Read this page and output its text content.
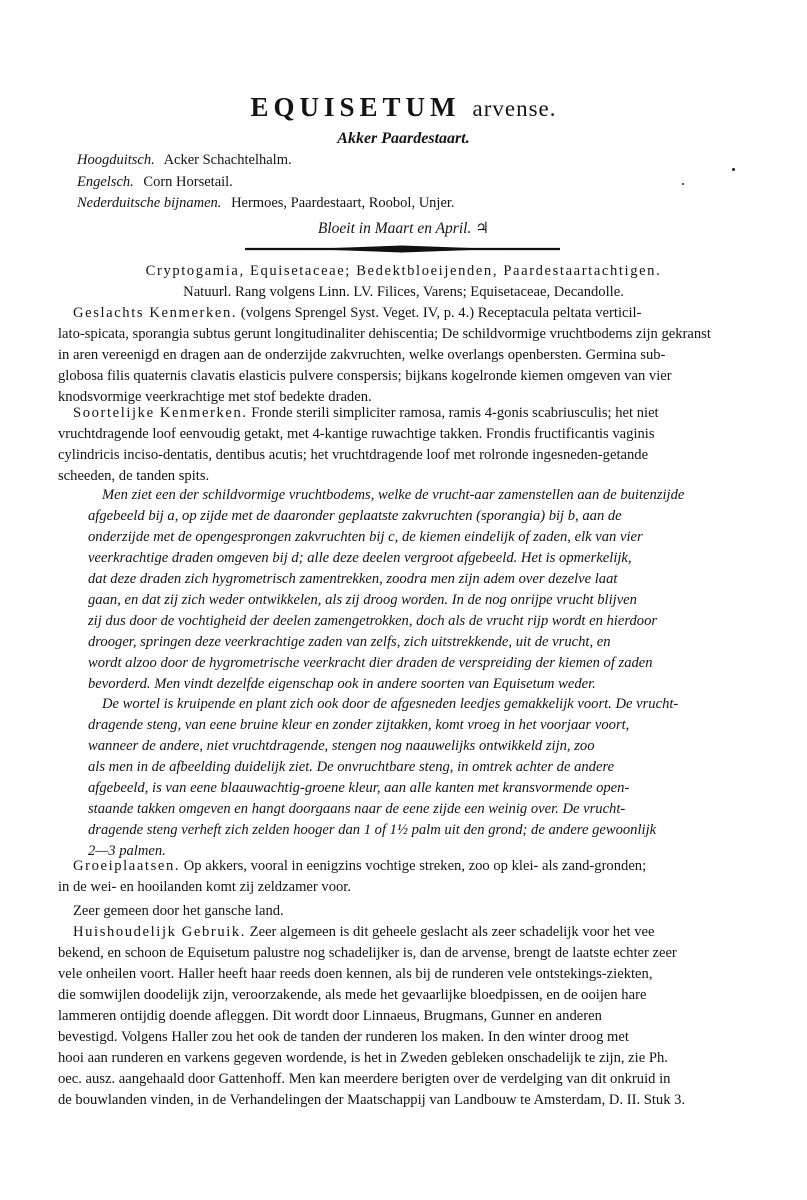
EQUISETUM arvense.
Akker Paardestaart.
Hoogduitsch. Acker Schachtelhalm.
Engelsch. Corn Horsetail.
Nederduitsche bijnamen. Hermoes, Paardestaart, Roobol, Unjer.
Bloeit in Maart en April. ♃
Cryptogamia, Equisetaceae; Bedektbloeijenden, Paardestaartachtigen.
Natuurl. Rang volgens Linn. LV. Filices, Varens; Equisetaceae, Decandolle.
Geslachts Kenmerken. (volgens Sprengel Syst. Veget. IV, p. 4.) Receptacula peltata verticil-
lato-spicata, sporangia subtus gerunt longitudinaliter dehiscentia; De schildvormige vruchtbodems zijn gekranst
in aren vereenigd en dragen aan de onderzijde zakvruchten, welke overlangs openbersten. Germina sub-
globosa filis quaternis clavatis elasticis pulvere conspersis; bijkans kogelronde kiemen omgeven van vier
knodsvormige veerkrachtige met stof bedekte draden.
Soortelijke Kenmerken. Fronde sterili simpliciter ramosa, ramis 4-gonis scabriusculis; het niet
vruchtdragende loof eenvoudig getakt, met 4-kantige ruwachtige takken. Frondis fructificantis vaginis
cylindricis inciso-dentatis, dentibus acutis; het vruchtdragende loof met rolronde ingesneden-getande
scheeden, de tanden spits.
Men ziet een der schildvormige vruchtbodems, welke de vrucht-aar zamenstellen aan de buitenzijde
afgebeeld bij a, op zijde met de daaronder geplaatste zakvruchten (sporangia) bij b, aan de
onderzijde met de opengesprongen zakvruchten bij c, de kiemen eindelijk of zaden, elk van vier
veerkrachtige draden omgeven bij d; alle deze deelen vergroot afgebeeld. Het is opmerkelijk,
dat deze draden zich hygrometrisch zamentrekken, zoodra men zijn adem over dezelve laat
gaan, en dat zij zich weder ontwikkelen, als zij droog worden. In de nog onrijpe vrucht blijven
zij dus door de vochtigheid der deelen zamengetrokken, doch als de vrucht rijp wordt en hierdoor
drooger, springen deze veerkrachtige zaden van zelfs, zich uitstrekkende, uit de vrucht, en
wordt alzoo door de hygrometrische veerkracht dier draden de verspreiding der kiemen of zaden
bevorderd. Men vindt dezelfde eigenschap ook in andere soorten van Equisetum weder.
De wortel is kruipende en plant zich ook door de afgesneden leedjes gemakkelijk voort. De vrucht-
dragende steng, van eene bruine kleur en zonder zijtakken, komt vroeg in het voorjaar voort,
wanneer de andere, niet vruchtdragende, stengen nog naauwelijks ontwikkeld zijn, zoo
als men in de afbeelding duidelijk ziet. De onvruchtbare steng, in omtrek achter de andere
afgebeeld, is van eene blaauwachtig-groene kleur, aan alle kanten met kransvormende open-
staande takken omgeven en hangt doorgaans naar de eene zijde een weinig over. De vrucht-
dragende steng verheft zich zelden hooger dan 1 of 1½ palm uit den grond; de andere gewoonlijk
2—3 palmen.
Groeiplaatsen. Op akkers, vooral in eenigzins vochtige streken, zoo op klei- als zand-gronden;
in de wei- en hooilanden komt zij zeldzamer voor.
Zeer gemeen door het gansche land.
Huishoudelijk Gebruik. Zeer algemeen is dit geheele geslacht als zeer schadelijk voor het vee
bekend, en schoon de Equisetum palustre nog schadelijker is, dan de arvense, brengt de laatste echter zeer
vele onheilen voort. Haller heeft haar reeds doen kennen, als bij de runderen vele ontstekings-ziekten,
die somwijlen doodelijk zijn, veroorzakende, als mede het gevaarlijke bloedpissen, en de ooijen hare
lammeren ontijdig doende afleggen. Dit wordt door Linnaeus, Brugmans, Gunner en anderen
bevestigd. Volgens Haller zou het ook de tanden der runderen los maken. In den winter droog met
hooi aan runderen en varkens gegeven wordende, is het in Zweden gebleken onschadelijk te zijn, zie Ph.
oec. ausz. aangehaald door Gattenhoff. Men kan meerdere berigten over de verdelging van dit onkruid in
de bouwlanden vinden, in de Verhandelingen der Maatschappij van Landbouw te Amsterdam, D. II. Stuk 3.
